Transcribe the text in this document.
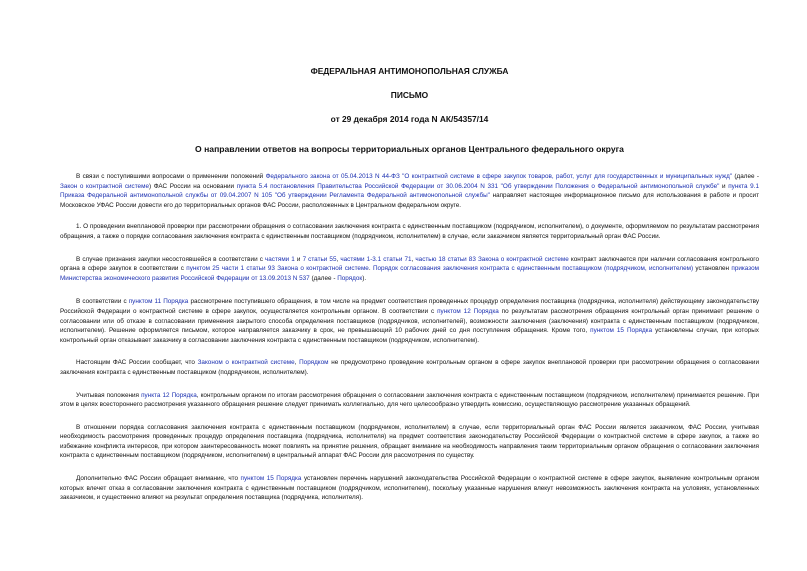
ФЕДЕРАЛЬНАЯ АНТИМОНОПОЛЬНАЯ СЛУЖБА
ПИСЬМО
от 29 декабря 2014 года N АК/54357/14
О направлении ответов на вопросы территориальных органов Центрального федерального округа

В связи с поступившими вопросами о применении положений Федерального закона от 05.04.2013 N 44-ФЗ "О контрактной системе в сфере закупок товаров, работ, услуг для государственных и муниципальных нужд" (далее - Закон о контрактной системе) ФАС России на основании пункта 5.4 постановления Правительства Российской Федерации от 30.06.2004 N 331 "Об утверждении Положения о Федеральной антимонопольной службе" и пункта 9.1 Приказа Федеральной антимонопольной службы от 09.04.2007 N 105 "Об утверждении Регламента Федеральной антимонопольной службы" направляет настоящее информационное письмо для использования в работе и просит Московское УФАС России довести его до территориальных органов ФАС России, расположенных в Центральном федеральном округе.

1. О проведении внеплановой проверки при рассмотрении обращения о согласовании заключения контракта с единственным поставщиком (подрядчиком, исполнителем), о документе, оформляемом по результатам рассмотрения обращения, а также о порядке согласования заключения контракта с единственным поставщиком (подрядчиком, исполнителем) в случае, если заказчиком является территориальный орган ФАС России.

В случае признания закупки несостоявшейся в соответствии с частями 1 и 7 статьи 55, частями 1-3.1 статьи 71, частью 18 статьи 83 Закона о контрактной системе контракт заключается при наличии согласования контрольного органа в сфере закупок в соответствии с пунктом 25 части 1 статьи 93 Закона о контрактной системе. Порядок согласования заключения контракта с единственным поставщиком (подрядчиком, исполнителем) установлен приказом Министерства экономического развития Российской Федерации от 13.09.2013 N 537 (далее - Порядок).

В соответствии с пунктом 11 Порядка рассмотрение поступившего обращения, в том числе на предмет соответствия проведенных процедур определения поставщика (подрядчика, исполнителя) действующему законодательству Российской Федерации о контрактной системе в сфере закупок, осуществляется контрольным органом. В соответствии с пунктом 12 Порядка по результатам рассмотрения обращения контрольный орган принимает решение о согласовании или об отказе в согласовании применения закрытого способа определения поставщиков (подрядчиков, исполнителей), возможности заключения (заключения) контракта с единственным поставщиком (подрядчиком, исполнителем). Решение оформляется письмом, которое направляется заказчику в срок, не превышающий 10 рабочих дней со дня поступления обращения. Кроме того, пунктом 15 Порядка установлены случаи, при которых контрольный орган отказывает заказчику в согласовании заключения контракта с единственным поставщиком (подрядчиком, исполнителем).

Настоящим ФАС России сообщает, что Законом о контрактной системе, Порядком не предусмотрено проведение контрольным органом в сфере закупок внеплановой проверки при рассмотрении обращения о согласовании заключения контракта с единственным поставщиком (подрядчиком, исполнителем).

Учитывая положения пункта 12 Порядка, контрольным органом по итогам рассмотрения обращения о согласовании заключения контракта с единственным поставщиком (подрядчиком, исполнителем) принимается решение. При этом в целях всестороннего рассмотрения указанного обращения решение следует принимать коллегиально, для чего целесообразно утвердить комиссию, осуществляющую рассмотрение указанных обращений.

В отношении порядка согласования заключения контракта с единственным поставщиком (подрядчиком, исполнителем) в случае, если территориальный орган ФАС России является заказчиком, ФАС России, учитывая необходимость рассмотрения проведенных процедур определения поставщика (подрядчика, исполнителя) на предмет соответствия законодательству Российской Федерации о контрактной системе в сфере закупок, а также во избежание конфликта интересов, при котором заинтересованность может повлиять на принятие решения, обращает внимание на необходимость направления таким территориальным органом обращения о согласовании заключения контракта с единственным поставщиком (подрядчиком, исполнителем) в центральный аппарат ФАС России для рассмотрения по существу.

Дополнительно ФАС России обращает внимание, что пунктом 15 Порядка установлен перечень нарушений законодательства Российской Федерации о контрактной системе в сфере закупок, выявление контрольным органом которых влечет отказ в согласовании заключения контракта с единственным поставщиком (подрядчиком, исполнителем), поскольку указанные нарушения влекут невозможность заключения контракта на условиях, установленных заказчиком, и существенно влияют на результат определения поставщика (подрядчика, исполнителя).
